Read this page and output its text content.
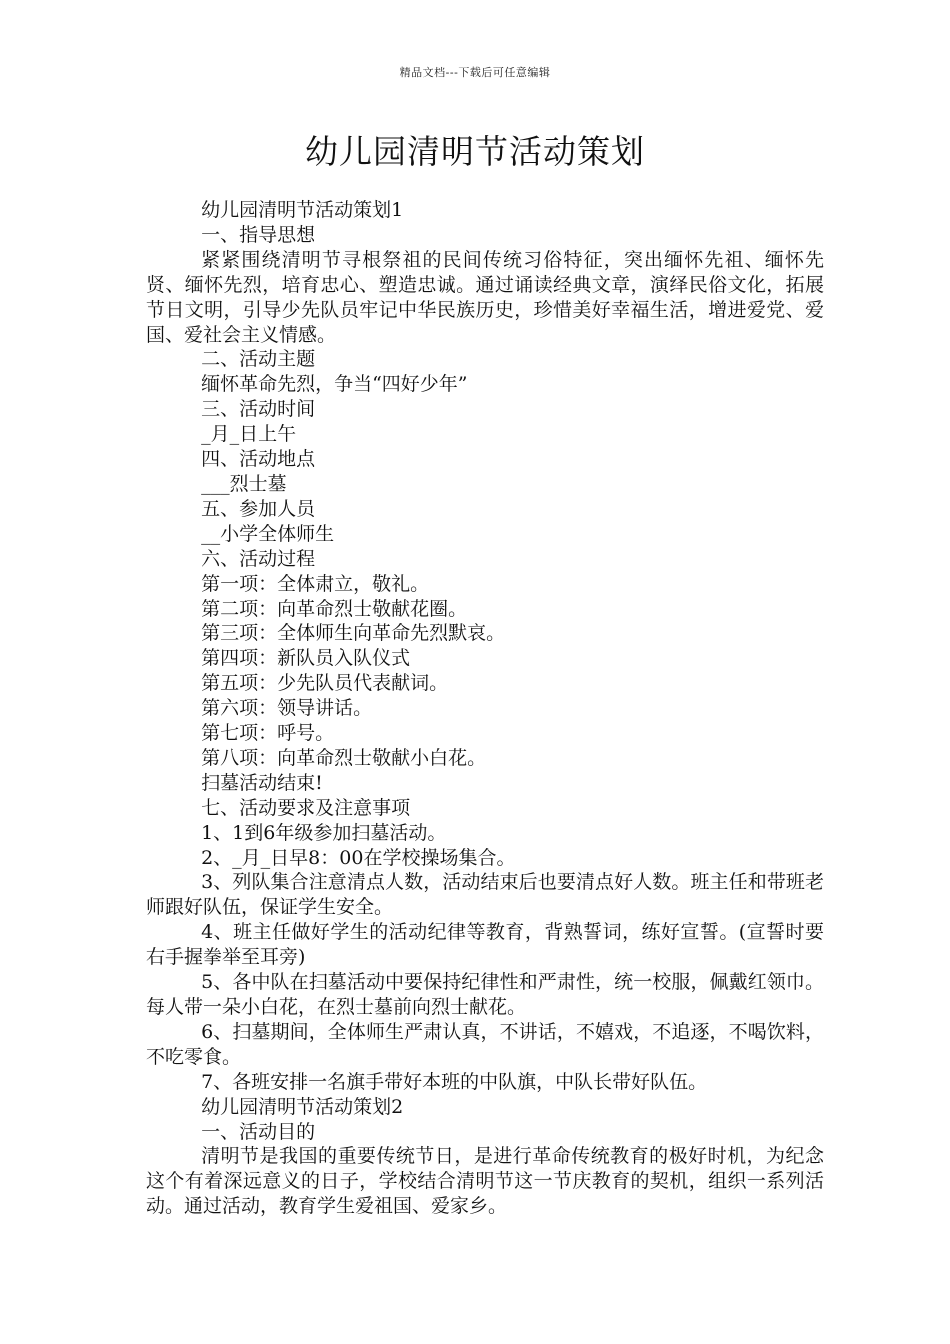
精品文档---下载后可任意编辑
幼儿园清明节活动策划

幼儿园清明节活动策划1

一、指导思想

紧紧围绕清明节寻根祭祖的民间传统习俗特征，突出缅怀先祖、缅怀先贤、缅怀先烈，培育忠心、塑造忠诚。通过诵读经典文章，演绎民俗文化，拓展节日文明，引导少先队员牢记中华民族历史，珍惜美好幸福生活，增进爱党、爱国、爱社会主义情感。

二、活动主题

缅怀革命先烈，争当“四好少年”

三、活动时间

_月_日上午

四、活动地点

___烈士墓

五、参加人员

__小学全体师生

六、活动过程

第一项：全体肃立，敬礼。

第二项：向革命烈士敬献花圈。

第三项：全体师生向革命先烈默哀。

第四项：新队员入队仪式

第五项：少先队员代表献词。

第六项：领导讲话。

第七项：呼号。

第八项：向革命烈士敬献小白花。

扫墓活动结束!

七、活动要求及注意事项

1、1到6年级参加扫墓活动。

2、_月_日早8：00在学校操场集合。

3、列队集合注意清点人数，活动结束后也要清点好人数。班主任和带班老师跟好队伍，保证学生安全。

4、班主任做好学生的活动纪律等教育，背熟誓词，练好宣誓。(宣誓时要右手握拳举至耳旁)

5、各中队在扫墓活动中要保持纪律性和严肃性，统一校服，佩戴红领巾。每人带一朵小白花，在烈士墓前向烈士献花。

6、扫墓期间，全体师生严肃认真，不讲话，不嬉戏，不追逐，不喝饮料，不吃零食。

7、各班安排一名旗手带好本班的中队旗，中队长带好队伍。

幼儿园清明节活动策划2

一、活动目的

清明节是我国的重要传统节日，是进行革命传统教育的极好时机，为纪念这个有着深远意义的日子，学校结合清明节这一节庆教育的契机，组织一系列活动。通过活动，教育学生爱祖国、爱家乡。
